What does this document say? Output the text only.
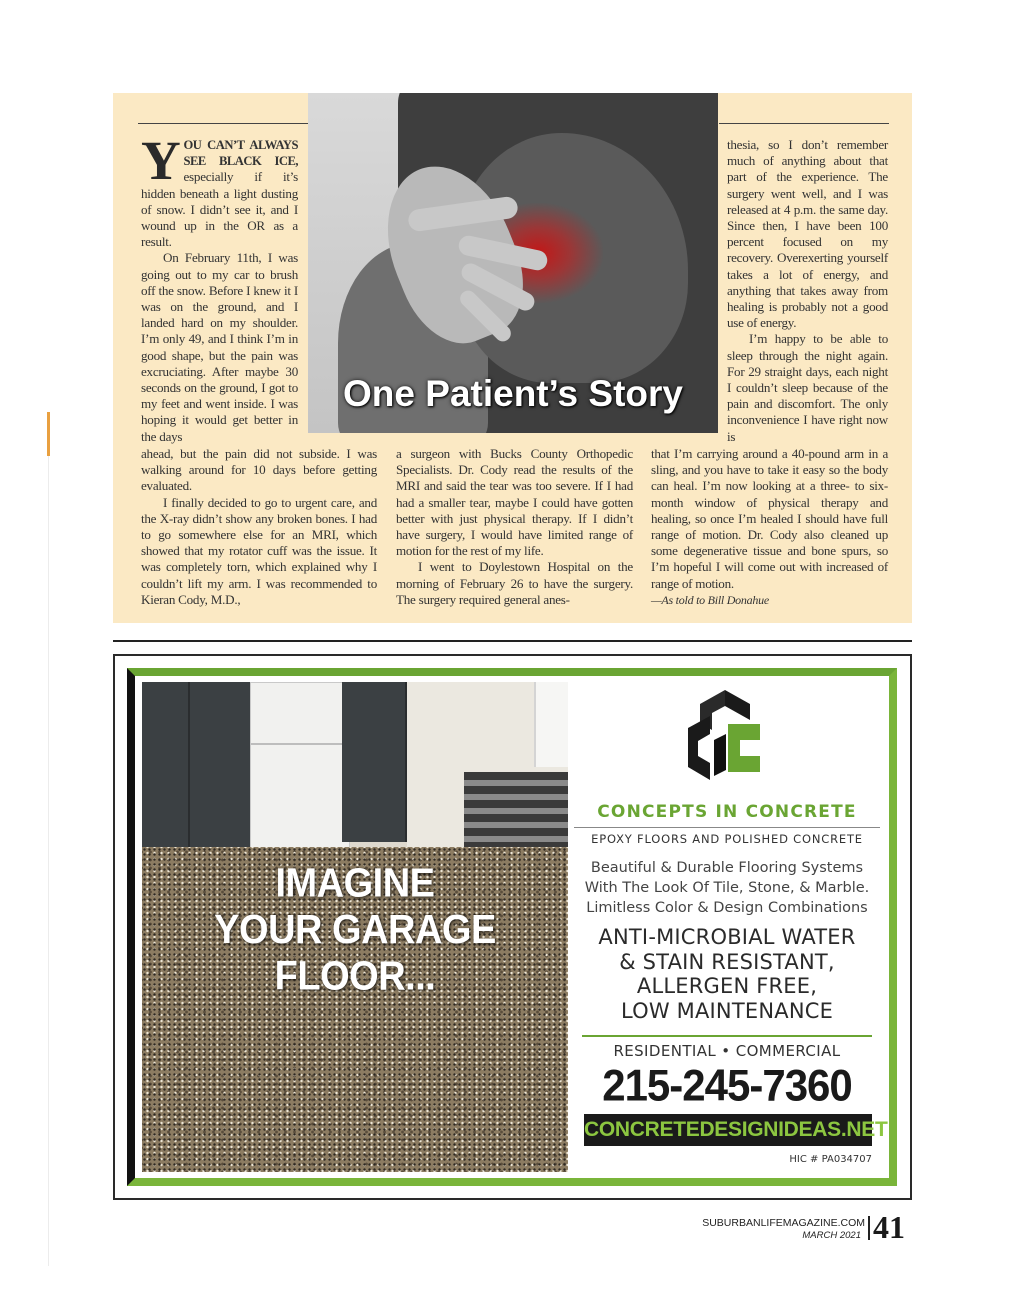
One Patient’s Story

YOU CAN’T ALWAYS SEE BLACK ICE, especially if it’s hidden beneath a light dusting of snow. I didn’t see it, and I wound up in the OR as a result.

On February 11th, I was going out to my car to brush off the snow. Before I knew it I was on the ground, and I landed hard on my shoulder. I’m only 49, and I think I’m in good shape, but the pain was excruciating. After maybe 30 seconds on the ground, I got to my feet and went inside. I was hoping it would get better in the days

ahead, but the pain did not subside. I was walking around for 10 days before getting evaluated.

I finally decided to go to urgent care, and the X-ray didn’t show any broken bones. I had to go somewhere else for an MRI, which showed that my rotator cuff was the issue. It was completely torn, which explained why I couldn’t lift my arm. I was recommended to Kieran Cody, M.D.,

a surgeon with Bucks County Orthopedic Specialists. Dr. Cody read the results of the MRI and said the tear was too severe. If I had had a smaller tear, maybe I could have gotten better with just physical therapy. If I didn’t have surgery, I would have limited range of motion for the rest of my life.

I went to Doylestown Hospital on the morning of February 26 to have the surgery. The surgery required general anes-

thesia, so I don’t remember much of anything about that part of the experience. The surgery went well, and I was released at 4 p.m. the same day. Since then, I have been 100 percent focused on my recovery. Overexerting yourself takes a lot of energy, and anything that takes away from healing is probably not a good use of energy.

I’m happy to be able to sleep through the night again. For 29 straight days, each night I couldn’t sleep because of the pain and discomfort. The only inconvenience I have right now is

that I’m carrying around a 40-pound arm in a sling, and you have to take it easy so the body can heal. I’m now looking at a three- to six-month window of physical therapy and healing, so once I’m healed I should have full range of motion. Dr. Cody also cleaned up some degenerative tissue and bone spurs, so I’m hopeful I will come out with increased of range of motion.

—As told to Bill Donahue

IMAGINE
YOUR GARAGE FLOOR...
CONCEPTS IN CONCRETE
EPOXY FLOORS AND POLISHED CONCRETE
Beautiful & Durable Flooring Systems
With The Look Of Tile, Stone, & Marble.
Limitless Color & Design Combinations
ANTI-MICROBIAL WATER
& STAIN RESISTANT,
ALLERGEN FREE,
LOW MAINTENANCE
RESIDENTIAL • COMMERCIAL
215-245-7360
CONCRETEDESIGNIDEAS.NET
HIC # PA034707
SUBURBANLIFEMAGAZINE.COM
MARCH 2021 41
